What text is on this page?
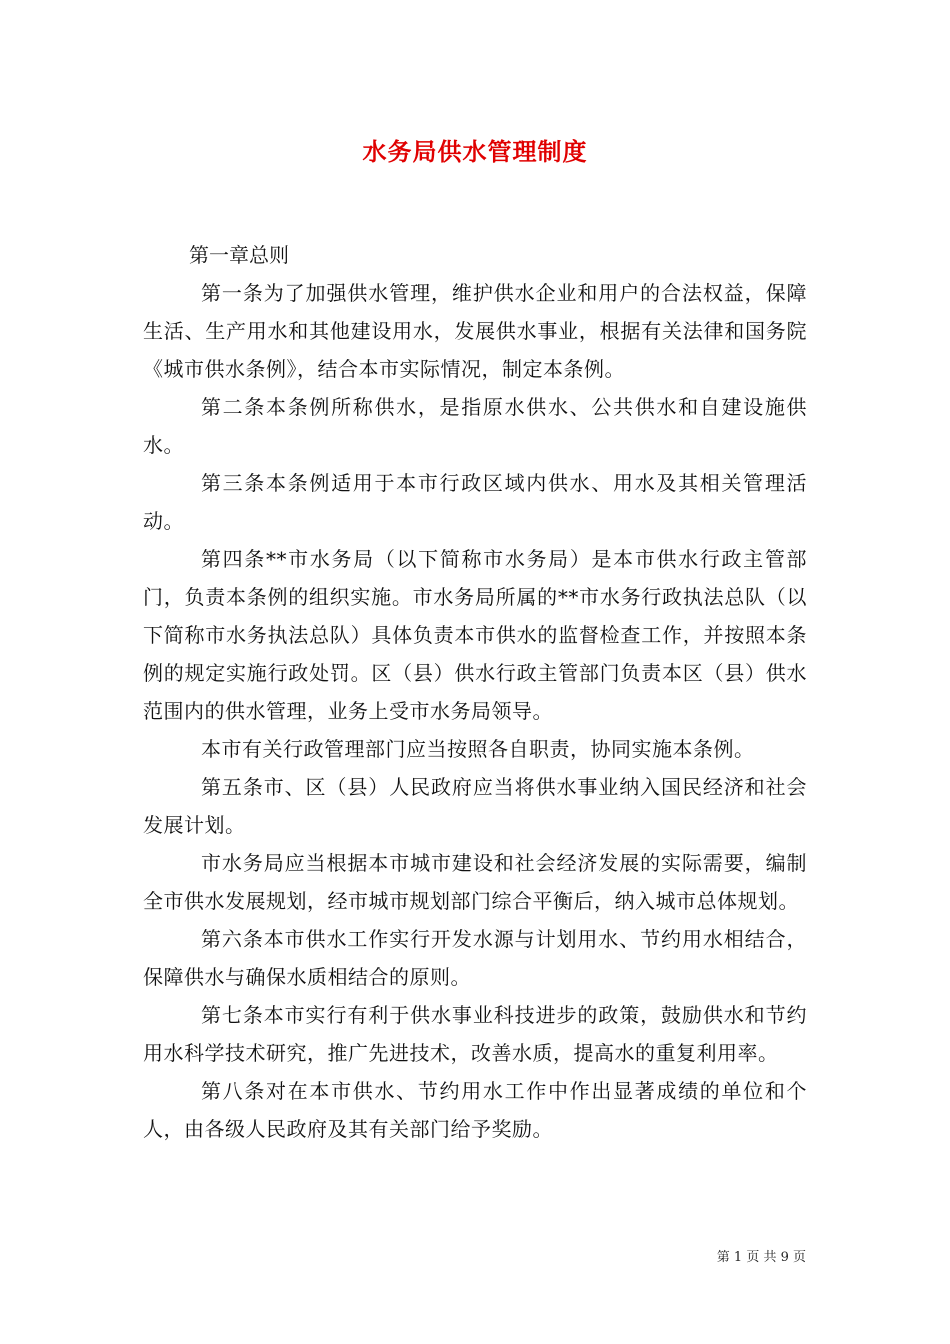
水务局供水管理制度

第一章总则

第一条为了加强供水管理，维护供水企业和用户的合法权益，保障生活、生产用水和其他建设用水，发展供水事业，根据有关法律和国务院《城市供水条例》，结合本市实际情况，制定本条例。

第二条本条例所称供水，是指原水供水、公共供水和自建设施供水。

第三条本条例适用于本市行政区域内供水、用水及其相关管理活动。

第四条**市水务局（以下简称市水务局）是本市供水行政主管部门，负责本条例的组织实施。市水务局所属的**市水务行政执法总队（以下简称市水务执法总队）具体负责本市供水的监督检查工作，并按照本条例的规定实施行政处罚。区（县）供水行政主管部门负责本区（县）供水范围内的供水管理，业务上受市水务局领导。

本市有关行政管理部门应当按照各自职责，协同实施本条例。

第五条市、区（县）人民政府应当将供水事业纳入国民经济和社会发展计划。

市水务局应当根据本市城市建设和社会经济发展的实际需要，编制全市供水发展规划，经市城市规划部门综合平衡后，纳入城市总体规划。

第六条本市供水工作实行开发水源与计划用水、节约用水相结合，保障供水与确保水质相结合的原则。

第七条本市实行有利于供水事业科技进步的政策，鼓励供水和节约用水科学技术研究，推广先进技术，改善水质，提高水的重复利用率。

第八条对在本市供水、节约用水工作中作出显著成绩的单位和个人，由各级人民政府及其有关部门给予奖励。

第 1 页 共 9 页
